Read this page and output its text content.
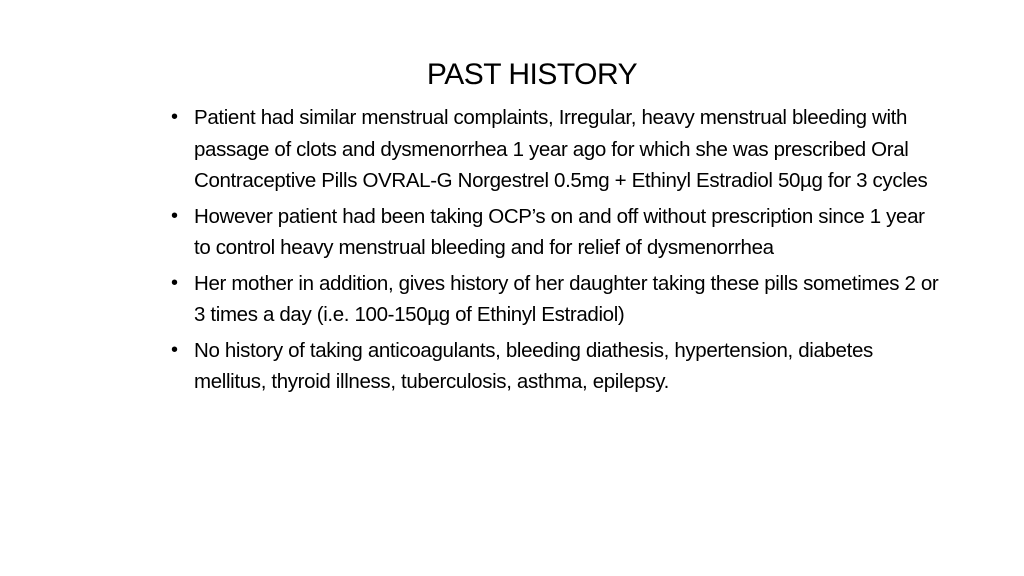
PAST HISTORY
• Patient had similar menstrual complaints, Irregular, heavy menstrual bleeding with passage of clots and dysmenorrhea 1 year ago for which she was prescribed Oral Contraceptive Pills OVRAL-G Norgestrel 0.5mg + Ethinyl Estradiol 50µg for 3 cycles
• However patient had been taking OCP’s on and off without prescription since 1 year to control heavy menstrual bleeding and for relief of dysmenorrhea
• Her mother in addition, gives history of her daughter taking these pills sometimes 2 or 3 times a day (i.e. 100-150µg of Ethinyl Estradiol)
• No history of taking anticoagulants, bleeding diathesis, hypertension, diabetes mellitus, thyroid illness, tuberculosis, asthma, epilepsy.
